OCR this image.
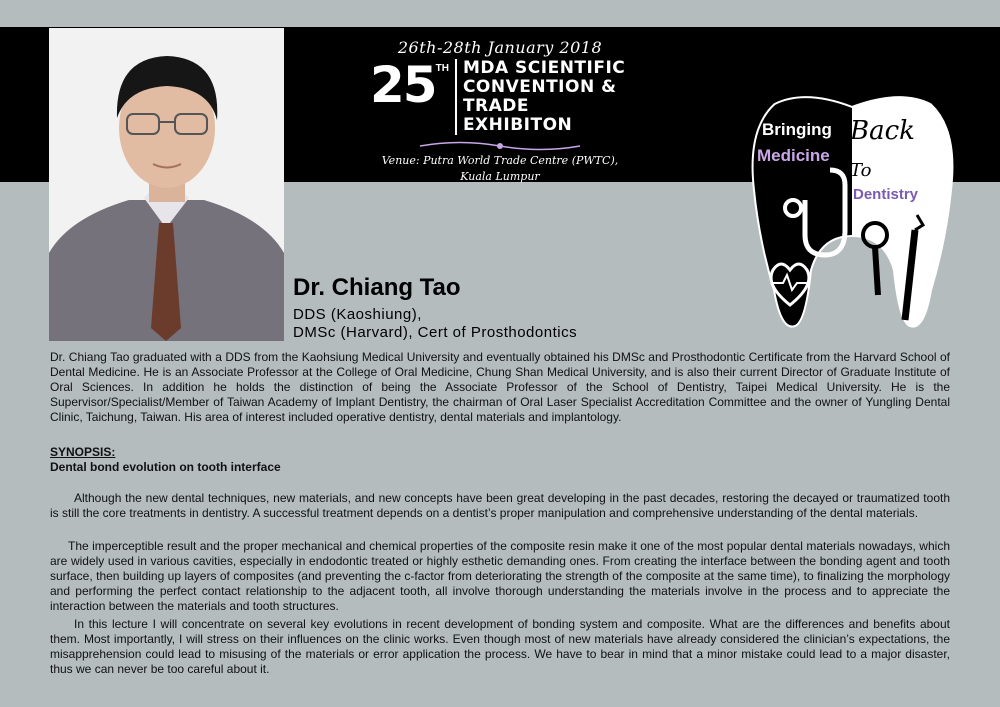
26th-28th January 2018
25 TH MDA SCIENTIFIC
CONVENTION &
TRADE EXHIBITON
Venue: Putra World Trade Centre (PWTC),
Kuala Lumpur
Bringing
Medicine
Back
To
Dentistry
Dr. Chiang Tao
DDS (Kaoshiung),
DMSc (Harvard), Cert of Prosthodontics
Dr. Chiang Tao graduated with a DDS from the Kaohsiung Medical University and eventually obtained his DMSc and Prosthodontic Certificate from the Harvard School of Dental Medicine. He is an Associate Professor at the College of Oral Medicine, Chung Shan Medical University, and is also their current Director of Graduate Institute of Oral Sciences. In addition he holds the distinction of being the Associate Professor of the School of Dentistry, Taipei Medical University. He is the Supervisor/Specialist/Member of Taiwan Academy of Implant Dentistry, the chairman of Oral Laser Specialist Accreditation Committee and the owner of Yungling Dental Clinic, Taichung, Taiwan. His area of interest included operative dentistry, dental materials and implantology.
SYNOPSIS:
Dental bond evolution on tooth interface

Although the new dental techniques, new materials, and new concepts have been great developing in the past decades, restoring the decayed or traumatized tooth is still the core treatments in dentistry. A successful treatment depends on a dentist’s proper manipulation and comprehensive understanding of the dental materials.

The imperceptible result and the proper mechanical and chemical properties of the composite resin make it one of the most popular dental materials nowadays, which are widely used in various cavities, especially in endodontic treated or highly esthetic demanding ones. From creating the interface between the bonding agent and tooth surface, then building up layers of composites (and preventing the c-factor from deteriorating the strength of the composite at the same time), to finalizing the morphology and performing the perfect contact relationship to the adjacent tooth, all involve thorough understanding the materials involve in the process and to appreciate the interaction between the materials and tooth structures.

In this lecture I will concentrate on several key evolutions in recent development of bonding system and composite. What are the differences and benefits about them. Most importantly, I will stress on their influences on the clinic works. Even though most of new materials have already considered the clinician’s expectations, the misapprehension could lead to misusing of the materials or error application the process. We have to bear in mind that a minor mistake could lead to a major disaster, thus we can never be too careful about it.
